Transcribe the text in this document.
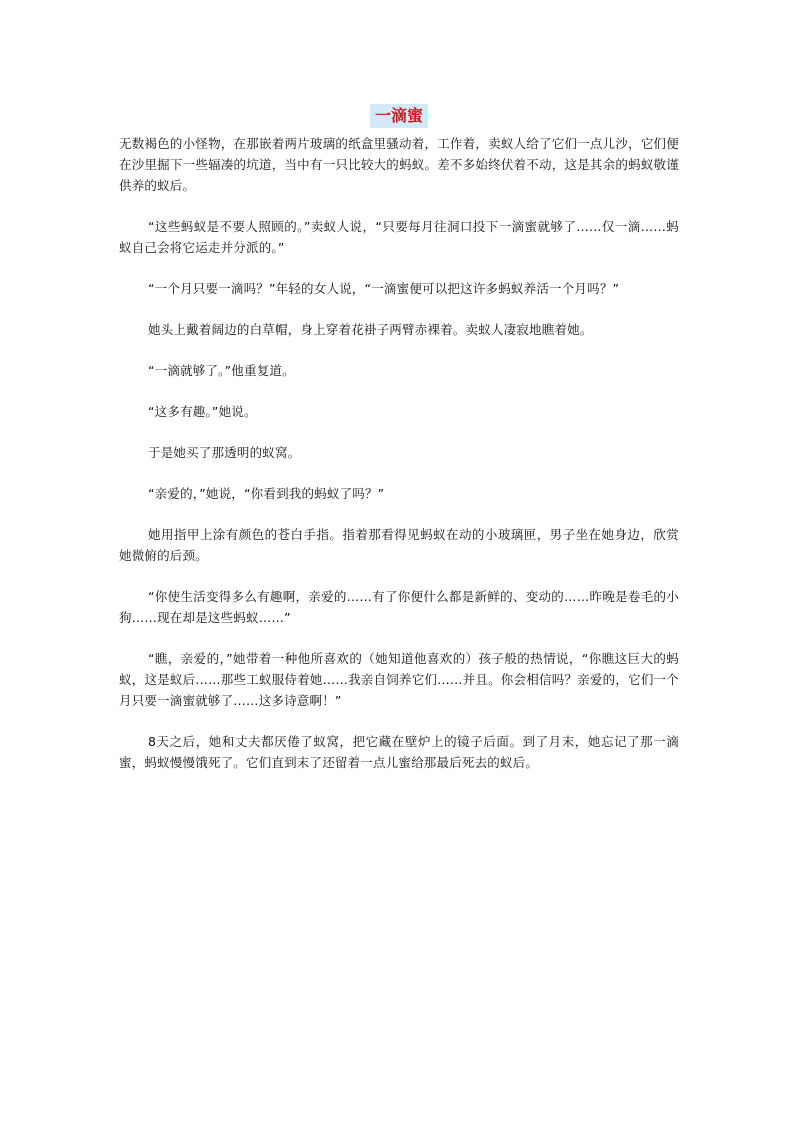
一滴蜜

无数褐色的小怪物，在那嵌着两片玻璃的纸盒里骚动着，工作着，卖蚁人给了它们一点儿沙，它们便在沙里掘下一些辐凑的坑道，当中有一只比较大的蚂蚁。差不多始终伏着不动，这是其余的蚂蚁敬谨供养的蚁后。

“这些蚂蚁是不要人照顾的。”卖蚁人说，“只要每月往洞口投下一滴蜜就够了……仅一滴……蚂蚁自己会将它运走并分派的。”

“一个月只要一滴吗？”年轻的女人说，“一滴蜜便可以把这许多蚂蚁养活一个月吗？”

她头上戴着阔边的白草帽，身上穿着花褂子两臂赤裸着。卖蚁人凄寂地瞧着她。

“一滴就够了。”他重复道。

“这多有趣。”她说。

于是她买了那透明的蚁窝。

“亲爱的，”她说，“你看到我的蚂蚁了吗？”

她用指甲上涂有颜色的苍白手指。指着那看得见蚂蚁在动的小玻璃匣，男子坐在她身边，欣赏她微俯的后颈。

“你使生活变得多么有趣啊，亲爱的……有了你便什么都是新鲜的、变动的……昨晚是卷毛的小狗……现在却是这些蚂蚁……”

“瞧，亲爱的，”她带着一种他所喜欢的（她知道他喜欢的）孩子般的热情说，“你瞧这巨大的蚂蚁，这是蚁后……那些工蚁服侍着她……我亲自饲养它们……并且。你会相信吗？亲爱的，它们一个月只要一滴蜜就够了……这多诗意啊！”

8天之后，她和丈夫都厌倦了蚁窝，把它藏在壁炉上的镜子后面。到了月末，她忘记了那一滴蜜，蚂蚁慢慢饿死了。它们直到末了还留着一点儿蜜给那最后死去的蚁后。
